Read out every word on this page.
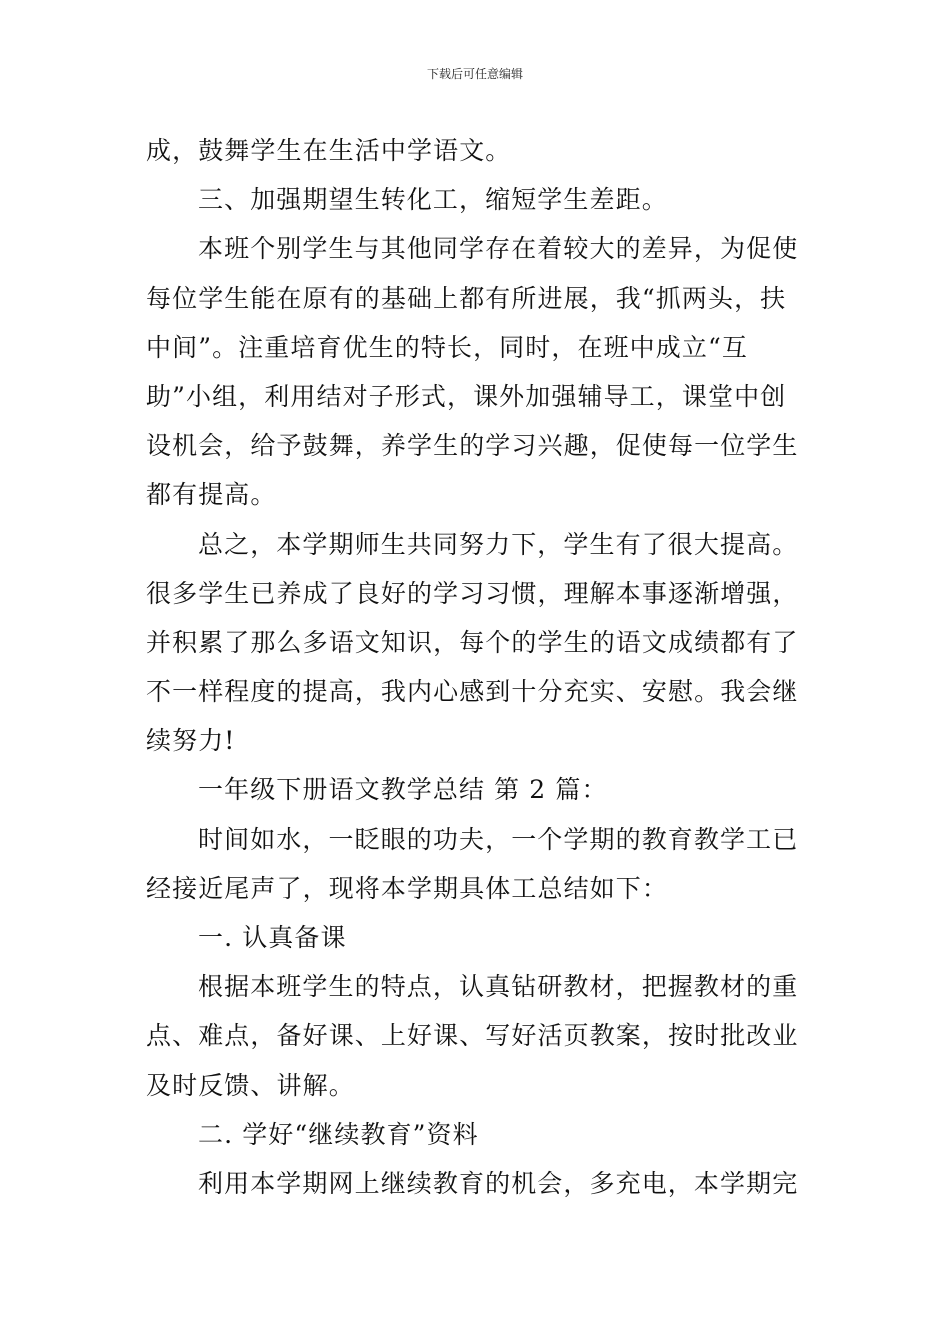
下载后可任意编辑
成，鼓舞学生在生活中学语文。
三、加强期望生转化工，缩短学生差距。
本班个别学生与其他同学存在着较大的差异，为促使
每位学生能在原有的基础上都有所进展，我“抓两头，扶
中间”。注重培育优生的特长，同时，在班中成立“互
助”小组，利用结对子形式，课外加强辅导工，课堂中创
设机会，给予鼓舞，养学生的学习兴趣，促使每一位学生
都有提高。
总之，本学期师生共同努力下，学生有了很大提高。
很多学生已养成了良好的学习习惯，理解本事逐渐增强，
并积累了那么多语文知识，每个的学生的语文成绩都有了
不一样程度的提高，我内心感到十分充实、安慰。我会继
续努力!
一年级下册语文教学总结 第 2 篇：
时间如水，一眨眼的功夫，一个学期的教育教学工已
经接近尾声了，现将本学期具体工总结如下：
一. 认真备课
根据本班学生的特点，认真钻研教材，把握教材的重
点、难点，备好课、上好课、写好活页教案，按时批改业
及时反馈、讲解。
二. 学好“继续教育”资料
利用本学期网上继续教育的机会，多充电，本学期完
